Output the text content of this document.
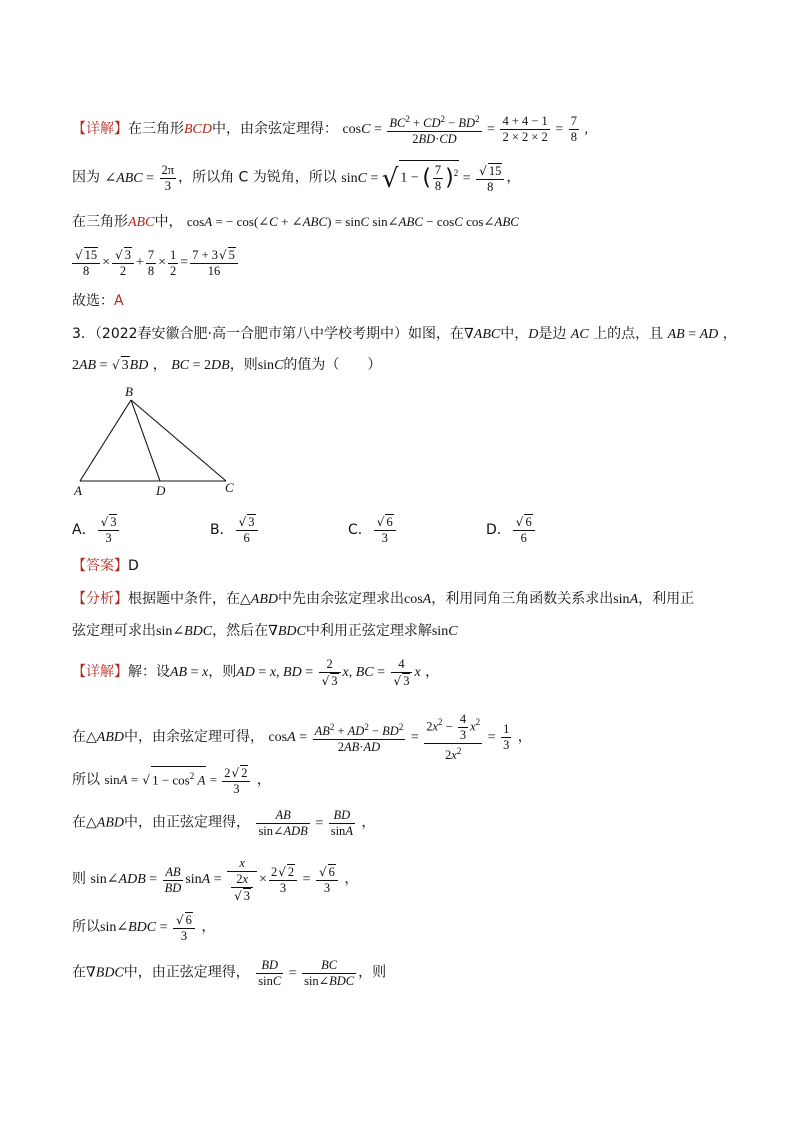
【详解】在三角形BCD中，由余弦定理得： $\cos C = \frac{BC^2 + CD^2 - BD^2}{2BD\cdot CD} = \frac{4 + 4 - 1}{2 \times 2 \times 2} = \frac{7}{8}$ ,
因为 ∠ABC = $\frac{2\pi}{3}$ ，所以角 C 为锐角，所以 sinC = √ 1 − ( $\frac{7}{8} )^2 = \frac{√ 15}{8}$ ，
在三角形ABC中， cosA = − cos(∠C + ∠ABC) = sinC sin∠ABC − cosC cos∠ABC
$\frac{√ 15}{8} \times \frac{√ 3}{2} + \frac{7}{8} \times \frac{1}{2} = \frac{7 + 3√ 5}{16}$
故选：A
3．（2022春安徽合肥·高一合肥市第八中学校考期中）如图，在∇ABC中，D是边 AC 上的点，且 AB = AD ，
2AB = √ 3BD ， BC = 2DB，则sinC的值为（　　）
B
A	D	C
A． $\frac{√ 3}{3}$	B． $\frac{√ 3}{6}$	C． $\frac{√ 6}{3}$	D． $\frac{√ 6}{6}$
【答案】D
【分析】根据题中条件，在△ABD中先由余弦定理求出cosA，利用同角三角函数关系求出sinA，利用正
弦定理可求出sin∠BDC，然后在∇BDC中利用正弦定理求解sinC
【详解】解：设AB = x，则AD = x, BD = $\frac{2}{√ 3} x$, BC = $\frac{4}{√ 3}$ x ，
在△ABD中，由余弦定理可得， $\cos A = \frac{AB^2 + AD^2 - BD^2}{2AB\cdot AD} = \frac{2x^2 - \frac{4}{3} x^2}{2x^2} = \frac{1}{3}$ ，
所以 sinA = √ $1 - \cos^2 A = \frac{2√ 2}{3}$ ，
在△ABD中，由正弦定理得， $\frac{AB}{\text{sin∠ADB}} = \frac{BD}{\sin A}$ ，
则 sin∠ADB = $\frac{AB}{BD}$ $\sin A = \frac{x}{\frac{2x}{√ 3}} \times \frac{2√ 2}{3} = \frac{√ 6}{3}$ ，
所以sin∠BDC = $\frac{√ 6}{3}$ ，
在∇BDC中，由正弦定理得， $\frac{BD}{\sin C} = \frac{BC}{\text{sin∠BDC}}$ ，则
